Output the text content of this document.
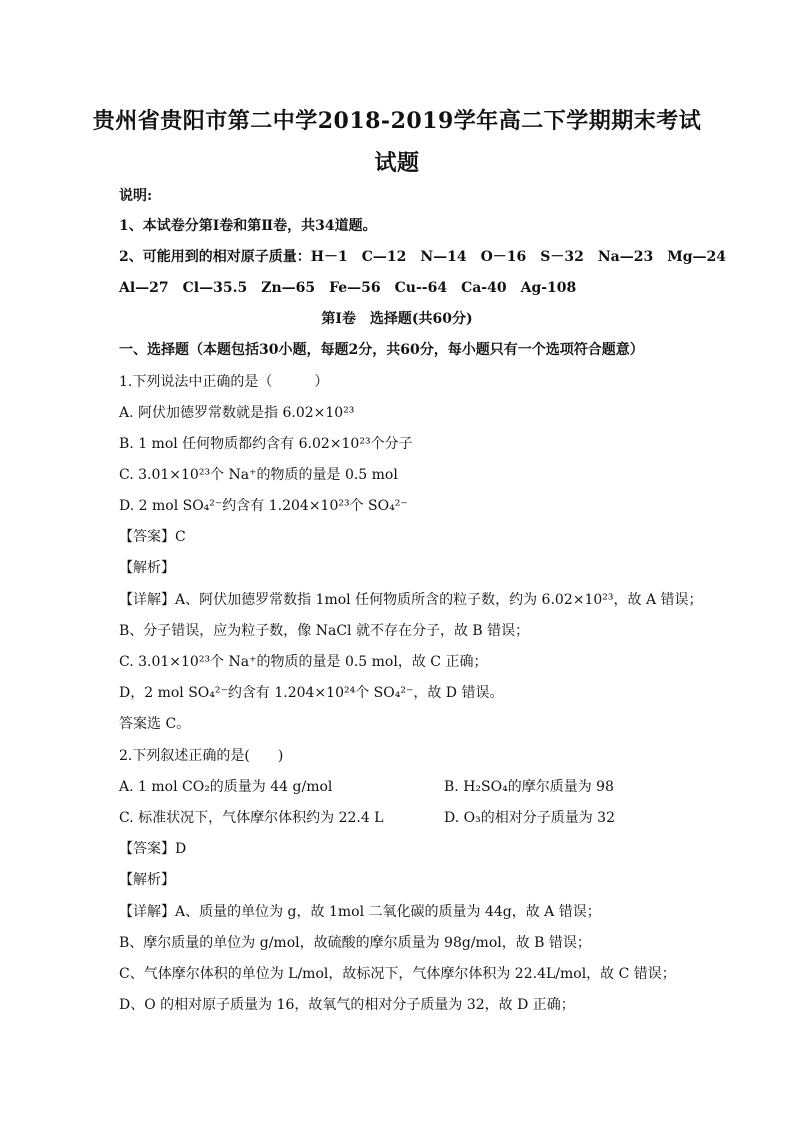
贵州省贵阳市第二中学2018-2019学年高二下学期期末考试
试题
说明:
1、本试卷分第Ⅰ卷和第Ⅱ卷，共34道题。
2、可能用到的相对原子质量：H－1　C—12　N—14　O－16　S－32　Na—23　Mg—24
Al—27　Cl—35.5　Zn—65　Fe—56　Cu--64　Ca-40　Ag-108
第Ⅰ卷　选择题(共60分)
一、选择题（本题包括30小题，每题2分，共60分，每小题只有一个选项符合题意）
1.下列说法中正确的是（　　　）
A. 阿伏加德罗常数就是指 6.02×10²³
B. 1 mol 任何物质都约含有 6.02×10²³个分子
C. 3.01×10²³个 Na⁺的物质的量是 0.5 mol
D. 2 mol SO₄²⁻约含有 1.204×10²³个 SO₄²⁻
【答案】C
【解析】
【详解】A、阿伏加德罗常数指 1mol 任何物质所含的粒子数，约为 6.02×10²³，故 A 错误；
B、分子错误，应为粒子数，像 NaCl 就不存在分子，故 B 错误；
C. 3.01×10²³个 Na⁺的物质的量是 0.5 mol，故 C 正确；
D，2 mol SO₄²⁻约含有 1.204×10²⁴个 SO₄²⁻，故 D 错误。
答案选 C。
2.下列叙述正确的是(　　)
A. 1 mol CO₂的质量为 44 g/mol	B. H₂SO₄的摩尔质量为 98
C. 标准状况下，气体摩尔体积约为 22.4 L	D. O₃的相对分子质量为 32
【答案】D
【解析】
【详解】A、质量的单位为 g，故 1mol 二氧化碳的质量为 44g，故 A 错误；
B、摩尔质量的单位为 g/mol，故硫酸的摩尔质量为 98g/mol，故 B 错误；
C、气体摩尔体积的单位为 L/mol，故标况下，气体摩尔体积为 22.4L/mol，故 C 错误；
D、O 的相对原子质量为 16，故氧气的相对分子质量为 32，故 D 正确；
